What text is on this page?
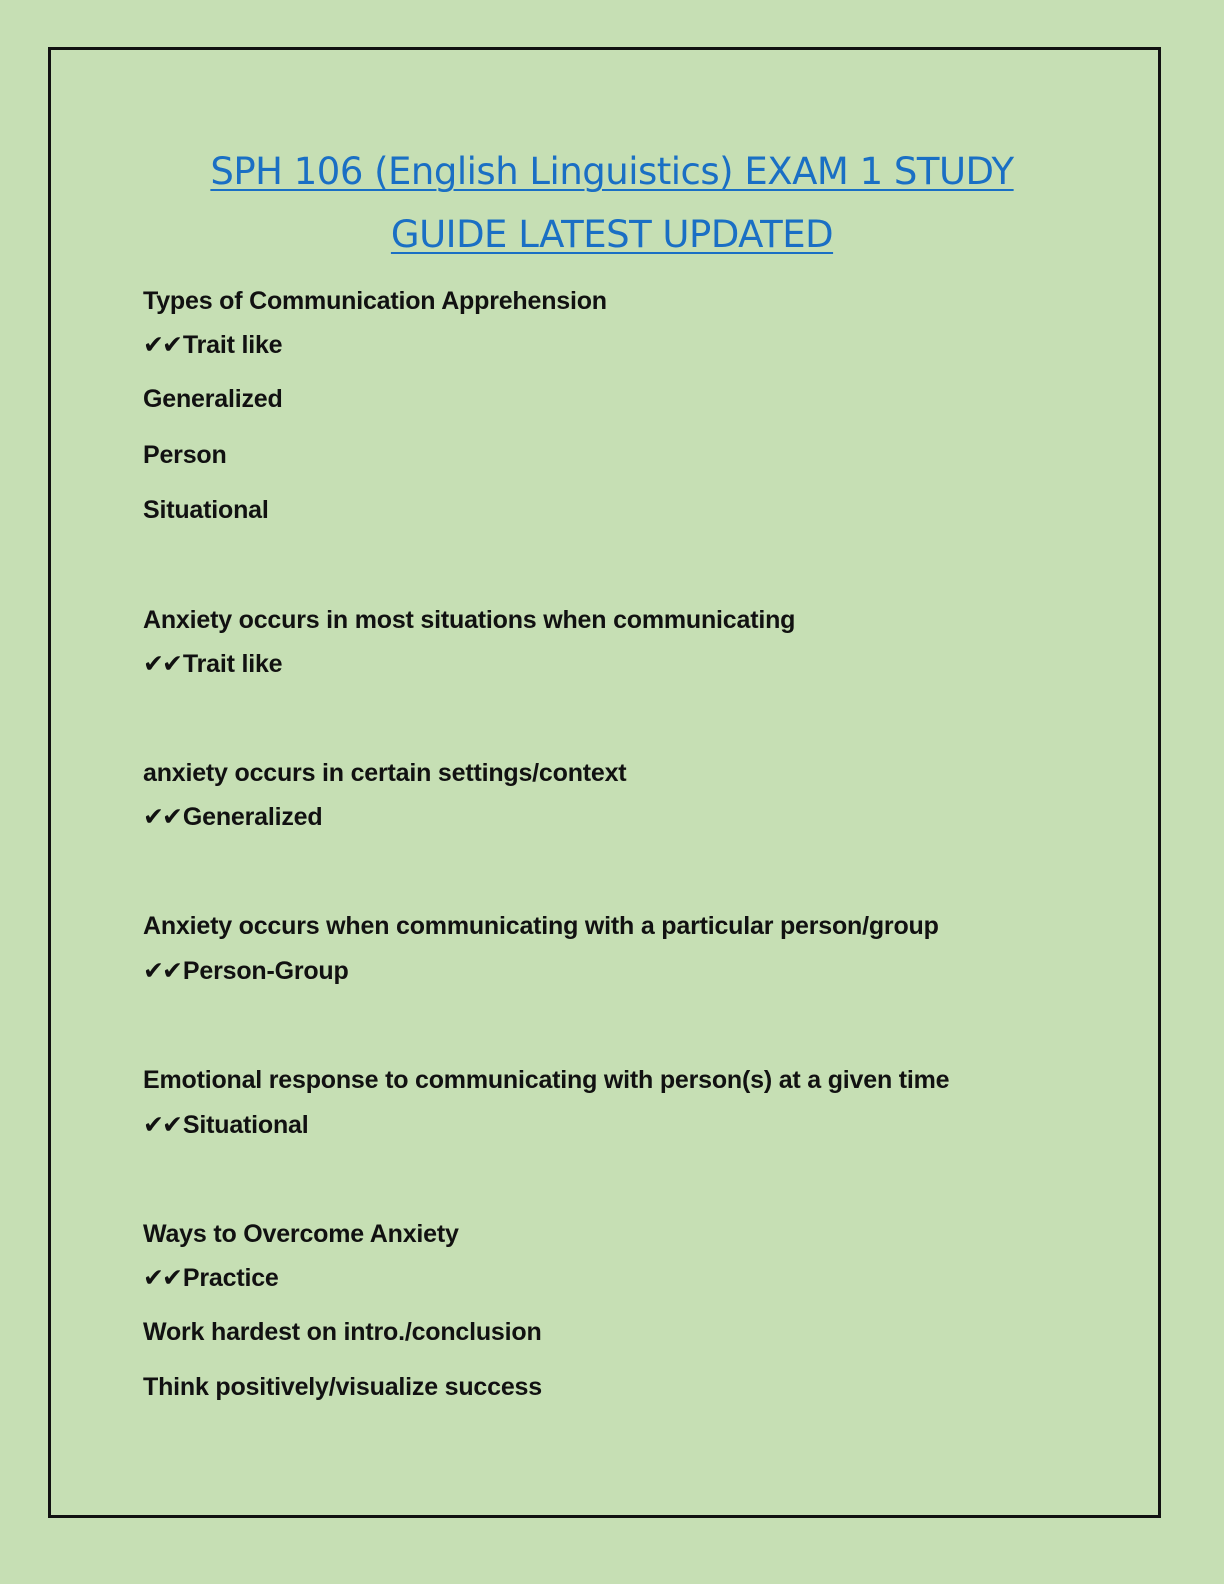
SPH 106 (English Linguistics) EXAM 1 STUDY
GUIDE LATEST UPDATED

Types of Communication Apprehension

✔✔Trait like

Generalized

Person

Situational

Anxiety occurs in most situations when communicating

✔✔Trait like

anxiety occurs in certain settings/context

✔✔Generalized

Anxiety occurs when communicating with a particular person/group

✔✔Person-Group

Emotional response to communicating with person(s) at a given time

✔✔Situational

Ways to Overcome Anxiety

✔✔Practice

Work hardest on intro./conclusion

Think positively/visualize success
